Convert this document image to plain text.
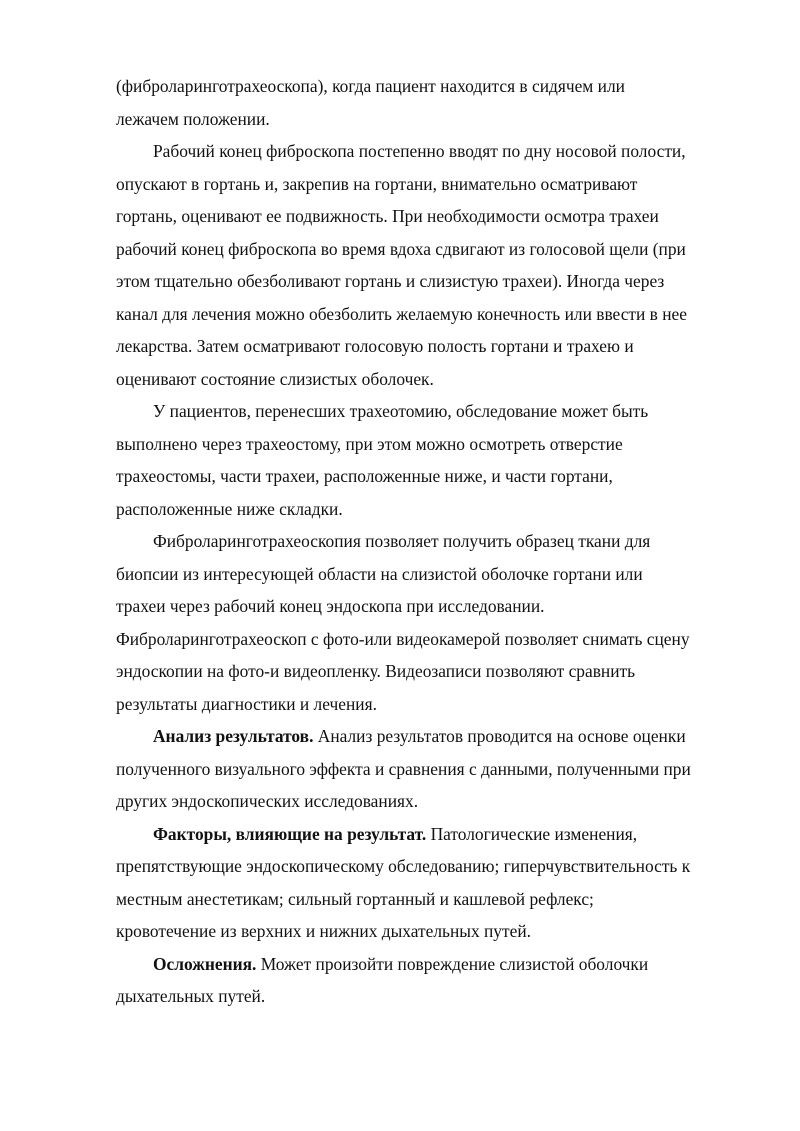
(фиброларинготрахеоскопа), когда пациент находится в сидячем или
лежачем положении.
Рабочий конец фиброскопа постепенно вводят по дну носовой полости,
опускают в гортань и, закрепив на гортани, внимательно осматривают
гортань, оценивают ее подвижность. При необходимости осмотра трахеи
рабочий конец фиброскопа во время вдоха сдвигают из голосовой щели (при
этом тщательно обезболивают гортань и слизистую трахеи). Иногда через
канал для лечения можно обезболить желаемую конечность или ввести в нее
лекарства. Затем осматривают голосовую полость гортани и трахею и
оценивают состояние слизистых оболочек.
У пациентов, перенесших трахеотомию, обследование может быть
выполнено через трахеостому, при этом можно осмотреть отверстие
трахеостомы, части трахеи, расположенные ниже, и части гортани,
расположенные ниже складки.
Фиброларинготрахеоскопия позволяет получить образец ткани для
биопсии из интересующей области на слизистой оболочке гортани или
трахеи через рабочий конец эндоскопа при исследовании.
Фиброларинготрахеоскоп с фото-или видеокамерой позволяет снимать сцену
эндоскопии на фото-и видеопленку. Видеозаписи позволяют сравнить
результаты диагностики и лечения.
Анализ результатов. Анализ результатов проводится на основе оценки
полученного визуального эффекта и сравнения с данными, полученными при
других эндоскопических исследованиях.
Факторы, влияющие на результат. Патологические изменения,
препятствующие эндоскопическому обследованию; гиперчувствительность к
местным анестетикам; сильный гортанный и кашлевой рефлекс;
кровотечение из верхних и нижних дыхательных путей.
Осложнения. Может произойти повреждение слизистой оболочки
дыхательных путей.
